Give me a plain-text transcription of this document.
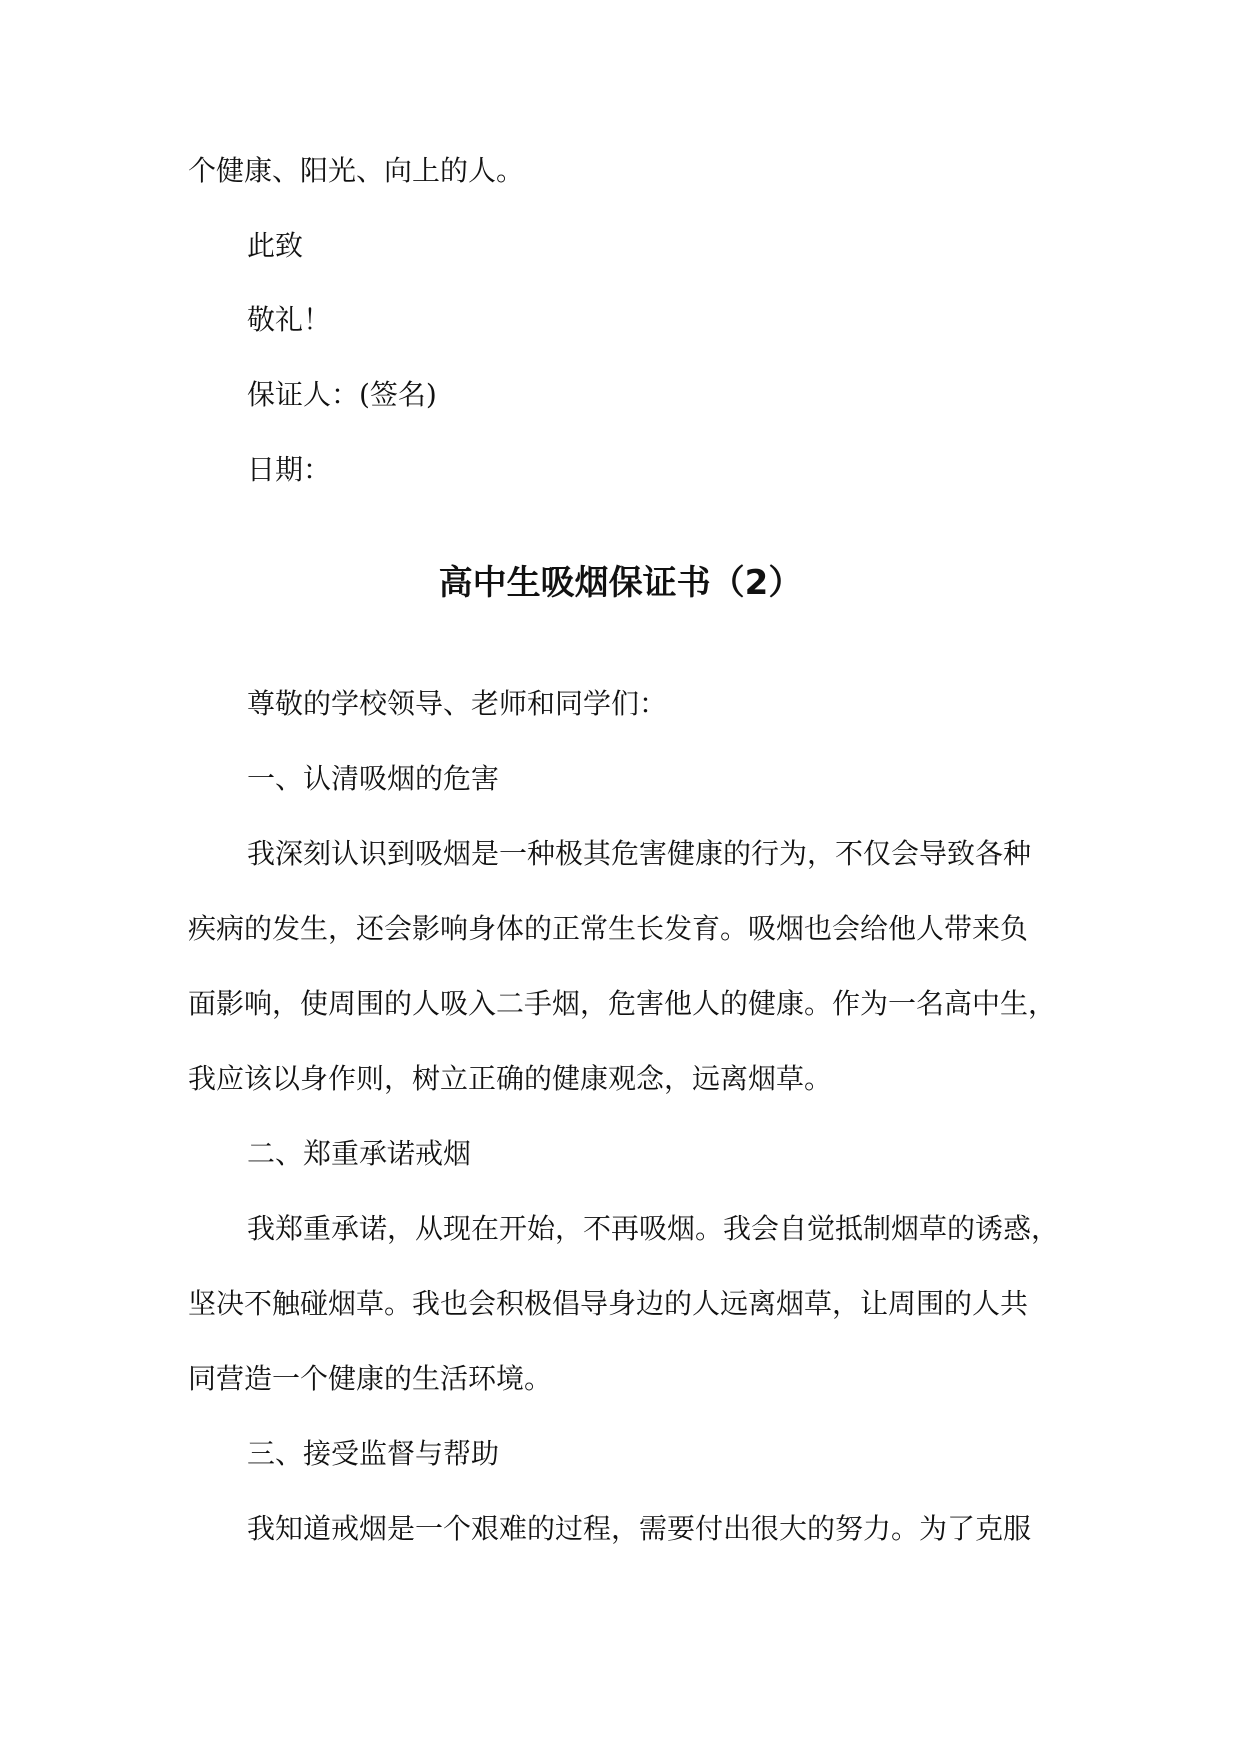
个健康、阳光、向上的人。
此致
敬礼！
保证人：(签名)
日期：
高中生吸烟保证书（2）
尊敬的学校领导、老师和同学们：
一、认清吸烟的危害
我深刻认识到吸烟是一种极其危害健康的行为，不仅会导致各种
疾病的发生，还会影响身体的正常生长发育。吸烟也会给他人带来负
面影响，使周围的人吸入二手烟，危害他人的健康。作为一名高中生，
我应该以身作则，树立正确的健康观念，远离烟草。
二、郑重承诺戒烟
我郑重承诺，从现在开始，不再吸烟。我会自觉抵制烟草的诱惑，
坚决不触碰烟草。我也会积极倡导身边的人远离烟草，让周围的人共
同营造一个健康的生活环境。
三、接受监督与帮助
我知道戒烟是一个艰难的过程，需要付出很大的努力。为了克服
